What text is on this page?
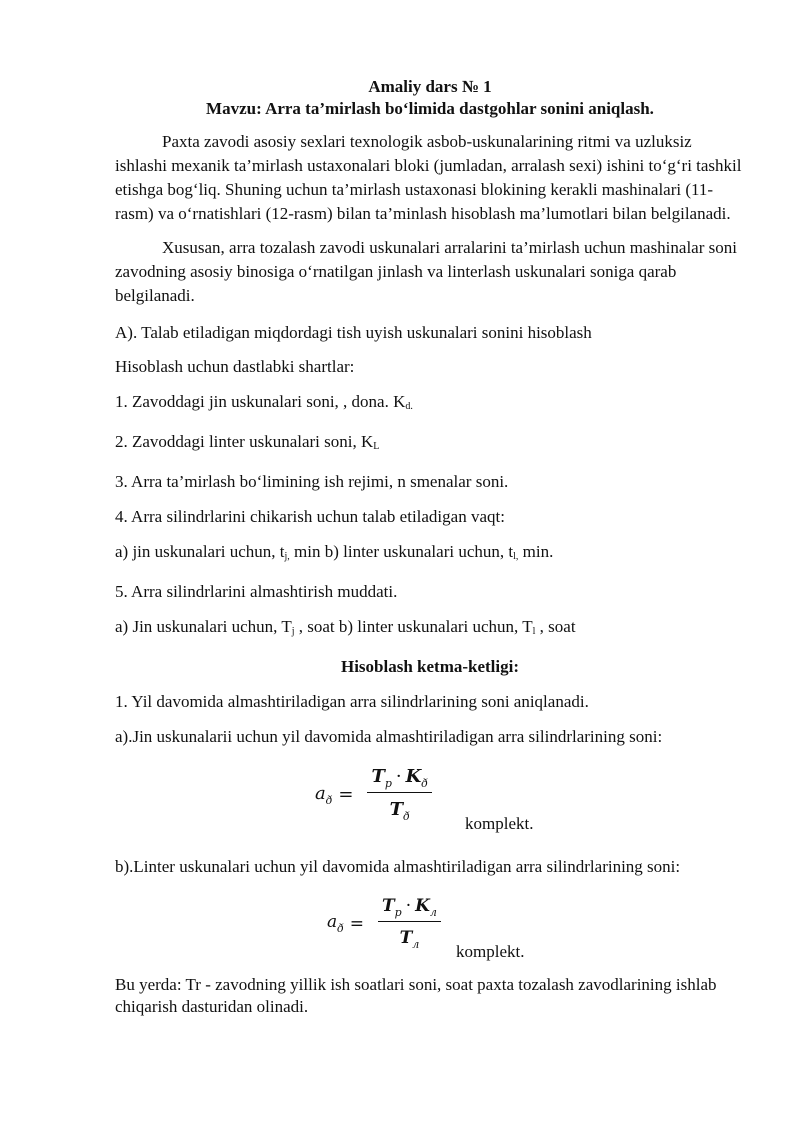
Amaliy dars № 1
Mavzu: Arra ta’mirlash bo‘limida dastgohlar sonini aniqlash.

Paxta zavodi asosiy sexlari texnologik asbob-uskunalarining ritmi va uzluksiz ishlashi mexanik ta’mirlash ustaxonalari bloki (jumladan, arralash sexi) ishini to‘g‘ri tashkil etishga bog‘liq. Shuning uchun ta’mirlash ustaxonasi blokining kerakli mashinalari (11-rasm) va o‘rnatishlari (12-rasm) bilan ta’minlash hisoblash ma’lumotlari bilan belgilanadi.

Xususan, arra tozalash zavodi uskunalari arralarini ta’mirlash uchun mashinalar soni zavodning asosiy binosiga o‘rnatilgan jinlash va linterlash uskunalari soniga qarab belgilanadi.

A). Talab etiladigan miqdordagi tish uyish uskunalari sonini hisoblash

Hisoblash uchun dastlabki shartlar:

1. Zavoddagi jin uskunalari soni, , dona. $K_{d.}$

2. Zavoddagi linter uskunalari soni, $K_L$

3. Arra ta’mirlash bo‘limining ish rejimi, n smenalar soni.

4. Arra silindrlarini chikarish uchun talab etiladigan vaqt:

a) jin uskunalari uchun, $t_{j,}$ min b) linter uskunalari uchun, $t_{l,}$ min.

5. Arra silindrlarini almashtirish muddati.

a) Jin uskunalari uchun, $T_j$ , soat b) linter uskunalari uchun, $T_l$ , soat

Hisoblash ketma-ketligi:

1. Yil davomida almashtiriladigan arra silindrlarining soni aniqlanadi.

a).Jin uskunalarii uchun yil davomida almashtiriladigan arra silindrlarining soni:

$a_ð = \frac{T_p \cdot K_ð}{T_ð}$
komplekt.

b).Linter uskunalari uchun yil davomida almashtiriladigan arra silindrlarining soni:

$a_ð = \frac{T_p \cdot K_л}{T_л}$
komplekt.

Bu yerda: Tr - zavodning yillik ish soatlari soni, soat paxta tozalash zavodlarining ishlab chiqarish dasturidan olinadi.
